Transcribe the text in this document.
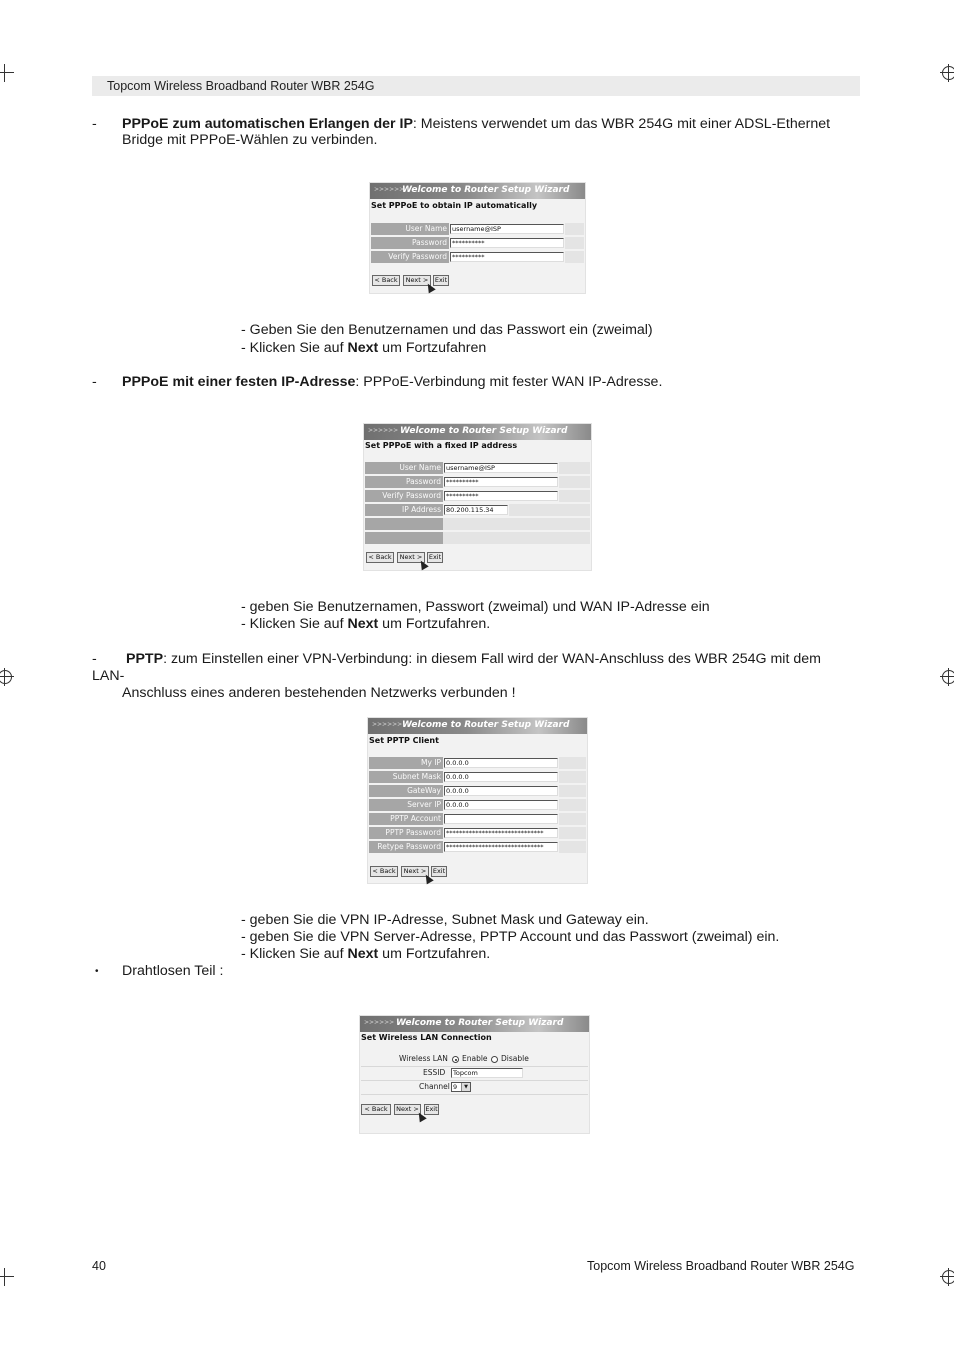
Topcom Wireless Broadband Router WBR 254G
- PPPoE zum automatischen Erlangen der IP: Meistens verwendet um das WBR 254G mit einer ADSL-Ethernet
Bridge mit PPPoE-Wählen zu verbinden.
>>>>>>
Welcome to Router Setup Wizard
Set PPPoE to obtain IP automatically
User Name username@ISP
Password **********
Verify Password **********
< Back	Next >	Exit
- Geben Sie den Benutzernamen und das Passwort ein (zweimal)
- Klicken Sie auf Next um Fortzufahren
- PPPoE mit einer festen IP-Adresse: PPPoE-Verbindung mit fester WAN IP-Adresse.
>>>>>> Welcome to Router Setup Wizard
Set PPPoE with a fixed IP address
User Name username@ISP
Password **********
Verify Password **********
IP Address 80.200.115.34
< Back	Next >	Exit
- geben Sie Benutzernamen, Passwort (zweimal) und WAN IP-Adresse ein
- Klicken Sie auf Next um Fortzufahren.
- PPTP: zum Einstellen einer VPN-Verbindung: in diesem Fall wird der WAN-Anschluss des WBR 254G mit dem
LAN-
Anschluss eines anderen bestehenden Netzwerks verbunden !
>>>>>> Welcome to Router Setup Wizard
Set PPTP Client
My IP 0.0.0.0
Subnet Mask 0.0.0.0
GateWay 0.0.0.0
Server IP 0.0.0.0
PPTP Account
PPTP Password ******************************
Retype Password ******************************
< Back	Next >	Exit
- geben Sie die VPN IP-Adresse, Subnet Mask und Gateway ein.
- geben Sie die VPN Server-Adresse, PPTP Account und das Passwort (zweimal) ein.
- Klicken Sie auf Next um Fortzufahren.
• Drahtlosen Teil :
>>>>>> Welcome to Router Setup Wizard
Set Wireless LAN Connection
Wireless LAN Enable Disable
ESSID	Topcom
Channel 9	▼
< Back	Next >	Exit
40	Topcom Wireless Broadband Router WBR 254G
